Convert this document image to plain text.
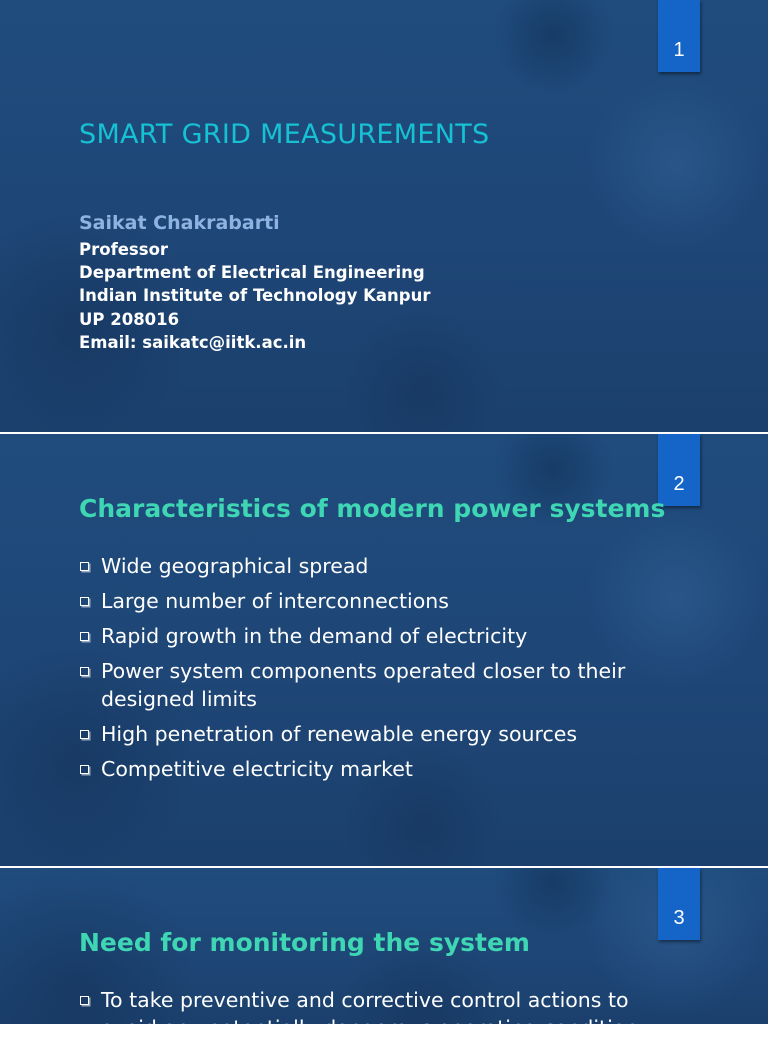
1
SMART GRID MEASUREMENTS
Saikat Chakrabarti
Professor
Department of Electrical Engineering
Indian Institute of Technology Kanpur
UP 208016
Email: saikatc@iitk.ac.in
2
Characteristics of modern power systems
Wide geographical spread
Large number of interconnections
Rapid growth in the demand of electricity
Power system components operated closer to their designed limits
High penetration of renewable energy sources
Competitive electricity market
3
Need for monitoring the system
To take preventive and corrective control actions to avoid any potentially dangerous operating condition
